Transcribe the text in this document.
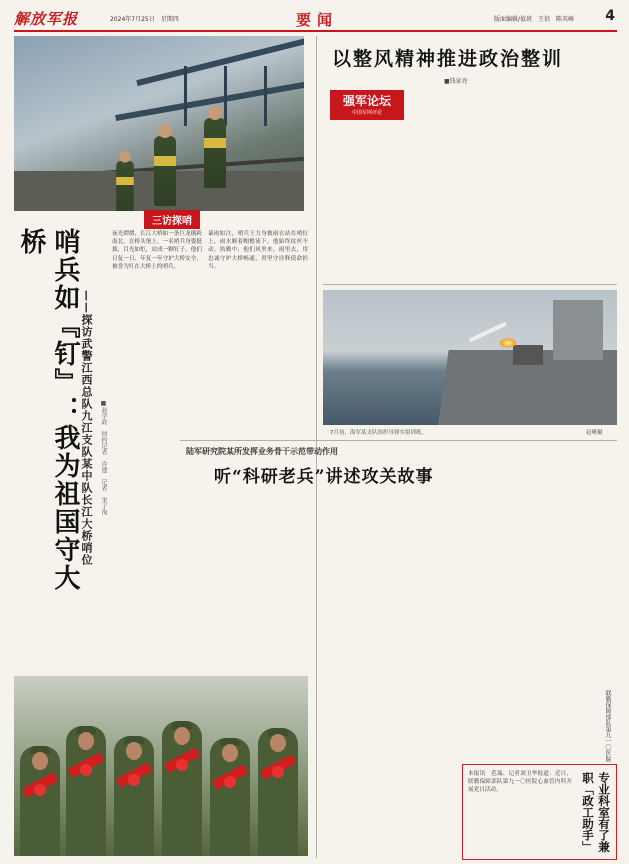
解放军报	2024年7月25日　星期四	要闻	版面编辑/值班　王信　陈英峰 4
三访探哨
哨兵如『钉』：我为祖国守大桥
——探访武警江西总队九江支队某中队长江大桥哨位	■赵学政　特约记者　许建　记者　宋子洵
夜光熠熠，长江大桥如一条巨龙横跨南北。在桥头堡上，一名哨兵身姿挺拔，目光如炬，站成一颗钉子。他们日复一日、年复一年守护大桥安全，被誉为钉在大桥上的哨兵。
暴雨如注，哨兵王力身披雨衣站在哨位上，雨水顺着帽檐流下，他始终纹丝不动。执勤中，他们风里来、雨里去，用忠诚守护大桥畅通，用坚守诠释使命担当。
以整风精神推进政治整训
■钱家亮
强军论坛
中国军网评论
7月初，海军某支队组织导弹实射训练。	赵晰摄
陆军研究院某所发挥业务骨干示范带动作用
听“科研老兵”讲述攻关故事
联勤保障部队第九一〇医院
本报讯　范瑞、记者刘卫华报道：近日，联勤保障部队第九一〇医院心血管内科开展党日活动。	专业科室有了兼职「政工助手」
